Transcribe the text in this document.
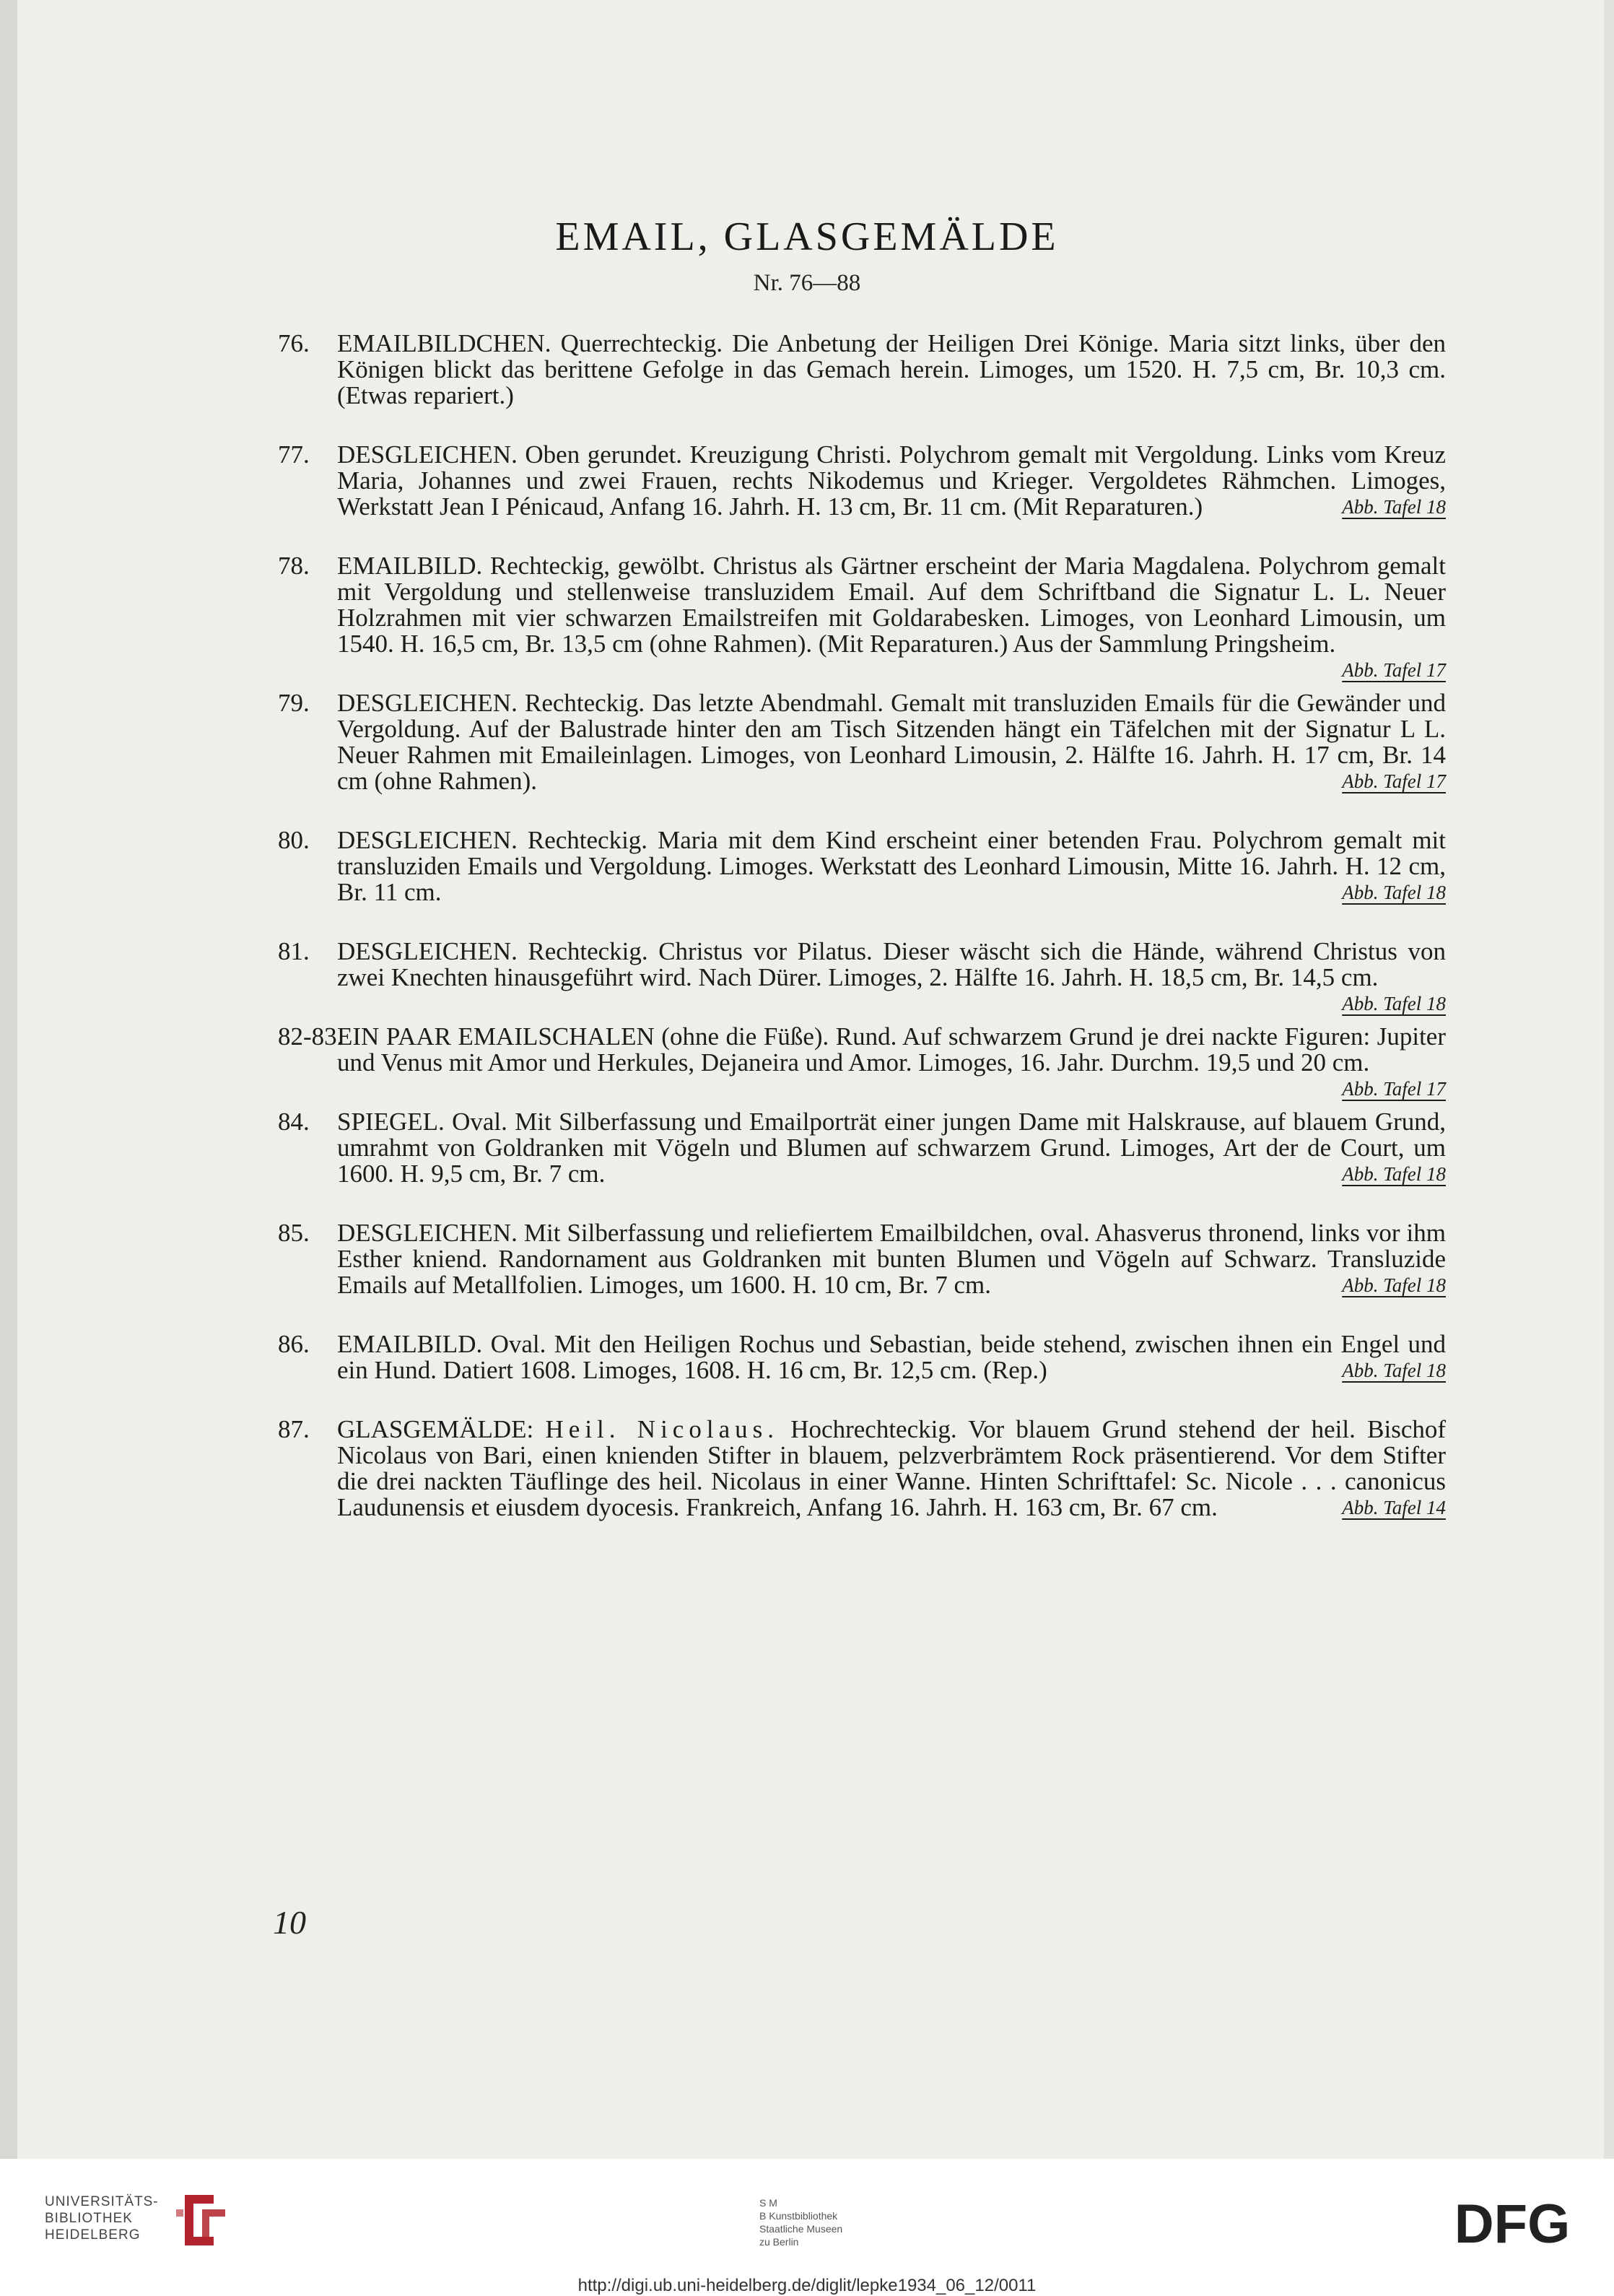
EMAIL, GLASGEMÄLDE
Nr. 76—88
76. EMAILBILDCHEN. Querrechteckig. Die Anbetung der Heiligen Drei Könige. Maria sitzt links, über den Königen blickt das berittene Gefolge in das Gemach herein. Limoges, um 1520. H. 7,5 cm, Br. 10,3 cm. (Etwas repariert.)
77. DESGLEICHEN. Oben gerundet. Kreuzigung Christi. Polychrom gemalt mit Vergoldung. Links vom Kreuz Maria, Johannes und zwei Frauen, rechts Nikodemus und Krieger. Vergoldetes Rähmchen. Limoges, Werkstatt Jean I Pénicaud, Anfang 16. Jahrh. H. 13 cm, Br. 11 cm. (Mit Reparaturen.)	Abb. Tafel 18
78. EMAILBILD. Rechteckig, gewölbt. Christus als Gärtner erscheint der Maria Magdalena. Polychrom gemalt mit Vergoldung und stellenweise transluzidem Email. Auf dem Schriftband die Signatur L. L. Neuer Holzrahmen mit vier schwarzen Emailstreifen mit Goldarabesken. Limoges, von Leonhard Limousin, um 1540. H. 16,5 cm, Br. 13,5 cm (ohne Rahmen). (Mit Reparaturen.) Aus der Sammlung Pringsheim.
Abb. Tafel 17
79. DESGLEICHEN. Rechteckig. Das letzte Abendmahl. Gemalt mit transluziden Emails für die Gewänder und Vergoldung. Auf der Balustrade hinter den am Tisch Sitzenden hängt ein Täfelchen mit der Signatur L L. Neuer Rahmen mit Emaileinlagen. Limoges, von Leonhard Limousin, 2. Hälfte 16. Jahrh. H. 17 cm, Br. 14 cm (ohne Rahmen).	Abb. Tafel 17
80. DESGLEICHEN. Rechteckig. Maria mit dem Kind erscheint einer betenden Frau. Polychrom gemalt mit transluziden Emails und Vergoldung. Limoges. Werkstatt des Leonhard Limousin, Mitte 16. Jahrh. H. 12 cm, Br. 11 cm.	Abb. Tafel 18
81. DESGLEICHEN. Rechteckig. Christus vor Pilatus. Dieser wäscht sich die Hände, während Christus von zwei Knechten hinausgeführt wird. Nach Dürer. Limoges, 2. Hälfte 16. Jahrh. H. 18,5 cm, Br. 14,5 cm.
Abb. Tafel 18
82-83.
EIN PAAR EMAILSCHALEN (ohne die Füße). Rund. Auf schwarzem Grund je drei nackte Figuren: Jupiter und Venus mit Amor und Herkules, Dejaneira und Amor. Limoges, 16. Jahr. Durchm. 19,5 und 20 cm.
Abb. Tafel 17
84. SPIEGEL. Oval. Mit Silberfassung und Emailporträt einer jungen Dame mit Halskrause, auf blauem Grund, umrahmt von Goldranken mit Vögeln und Blumen auf schwarzem Grund. Limoges, Art der de Court, um 1600. H. 9,5 cm, Br. 7 cm.	Abb. Tafel 18
85. DESGLEICHEN. Mit Silberfassung und reliefiertem Emailbildchen, oval. Ahasverus thronend, links vor ihm Esther kniend. Randornament aus Goldranken mit bunten Blumen und Vögeln auf Schwarz. Transluzide Emails auf Metallfolien. Limoges, um 1600. H. 10 cm, Br. 7 cm.	Abb. Tafel 18
86. EMAILBILD. Oval. Mit den Heiligen Rochus und Sebastian, beide stehend, zwischen ihnen ein Engel und ein Hund. Datiert 1608. Limoges, 1608. H. 16 cm, Br. 12,5 cm. (Rep.)	Abb. Tafel 18
87. GLASGEMÄLDE: Heil. Nicolaus. Hochrechteckig. Vor blauem Grund stehend der heil. Bischof Nicolaus von Bari, einen knienden Stifter in blauem, pelzverbrämtem Rock präsentierend. Vor dem Stifter die drei nackten Täuflinge des heil. Nicolaus in einer Wanne. Hinten Schrifttafel: Sc. Nicole . . . canonicus Laudunensis et eiusdem dyocesis. Frankreich, Anfang 16. Jahrh. H. 163 cm, Br. 67 cm.	Abb. Tafel 14
10
UNIVERSITÄTS-
BIBLIOTHEK
HEIDELBERG
S M
B Kunstbibliothek
Staatliche Museen
zu Berlin	DFG
http://digi.ub.uni-heidelberg.de/diglit/lepke1934_06_12/0011
